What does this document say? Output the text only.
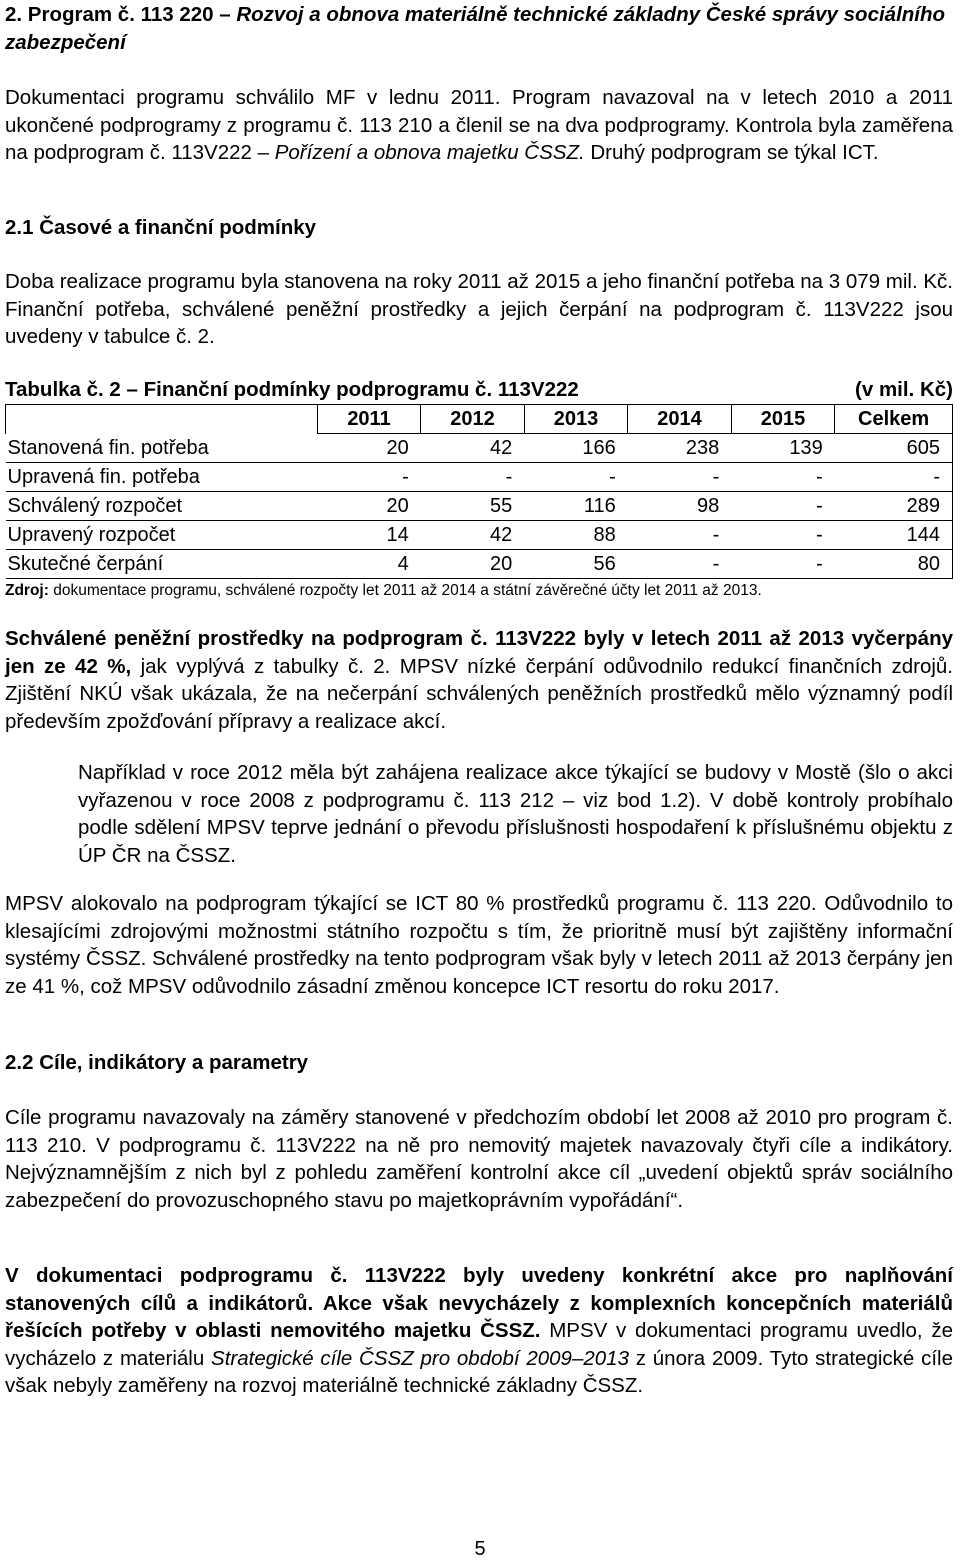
2. Program č. 113 220 – Rozvoj a obnova materiálně technické základny České správy sociálního zabezpečení
Dokumentaci programu schválilo MF v lednu 2011. Program navazoval na v letech 2010 a 2011 ukončené podprogramy z programu č. 113 210 a členil se na dva podprogramy. Kontrola byla zaměřena na podprogram č. 113V222 – Pořízení a obnova majetku ČSSZ. Druhý podprogram se týkal ICT.
2.1 Časové a finanční podmínky
Doba realizace programu byla stanovena na roky 2011 až 2015 a jeho finanční potřeba na 3 079 mil. Kč. Finanční potřeba, schválené peněžní prostředky a jejich čerpání na podprogram č. 113V222 jsou uvedeny v tabulce č. 2.
Tabulka č. 2 – Finanční podmínky podprogramu č. 113V222	(v mil. Kč)
	2011	2012	2013	2014	2015	Celkem
Stanovená fin. potřeba	20	42	166	238	139	605
Upravená fin. potřeba	-	-	-	-	-	-
Schválený rozpočet	20	55	116	98	-	289
Upravený rozpočet	14	42	88	-	-	144
Skutečné čerpání	4	20	56	-	-	80
Zdroj: dokumentace programu, schválené rozpočty let 2011 až 2014 a státní závěrečné účty let 2011 až 2013.
Schválené peněžní prostředky na podprogram č. 113V222 byly v letech 2011 až 2013 vyčerpány jen ze 42 %, jak vyplývá z tabulky č. 2. MPSV nízké čerpání odůvodnilo redukcí finančních zdrojů. Zjištění NKÚ však ukázala, že na nečerpání schválených peněžních prostředků mělo významný podíl především zpožďování přípravy a realizace akcí.
Například v roce 2012 měla být zahájena realizace akce týkající se budovy v Mostě (šlo o akci vyřazenou v roce 2008 z podprogramu č. 113 212 – viz bod 1.2). V době kontroly probíhalo podle sdělení MPSV teprve jednání o převodu příslušnosti hospodaření k příslušnému objektu z ÚP ČR na ČSSZ.
MPSV alokovalo na podprogram týkající se ICT 80 % prostředků programu č. 113 220. Odůvodnilo to klesajícími zdrojovými možnostmi státního rozpočtu s tím, že prioritně musí být zajištěny informační systémy ČSSZ. Schválené prostředky na tento podprogram však byly v letech 2011 až 2013 čerpány jen ze 41 %, což MPSV odůvodnilo zásadní změnou koncepce ICT resortu do roku 2017.
2.2 Cíle, indikátory a parametry
Cíle programu navazovaly na záměry stanovené v předchozím období let 2008 až 2010 pro program č. 113 210. V podprogramu č. 113V222 na ně pro nemovitý majetek navazovaly čtyři cíle a indikátory. Nejvýznamnějším z nich byl z pohledu zaměření kontrolní akce cíl „uvedení objektů správ sociálního zabezpečení do provozuschopného stavu po majetkoprávním vypořádání“.
V dokumentaci podprogramu č. 113V222 byly uvedeny konkrétní akce pro naplňování stanovených cílů a indikátorů. Akce však nevycházely z komplexních koncepčních materiálů řešících potřeby v oblasti nemovitého majetku ČSSZ. MPSV v dokumentaci programu uvedlo, že vycházelo z materiálu Strategické cíle ČSSZ pro období 2009–2013 z února 2009. Tyto strategické cíle však nebyly zaměřeny na rozvoj materiálně technické základny ČSSZ.
5
